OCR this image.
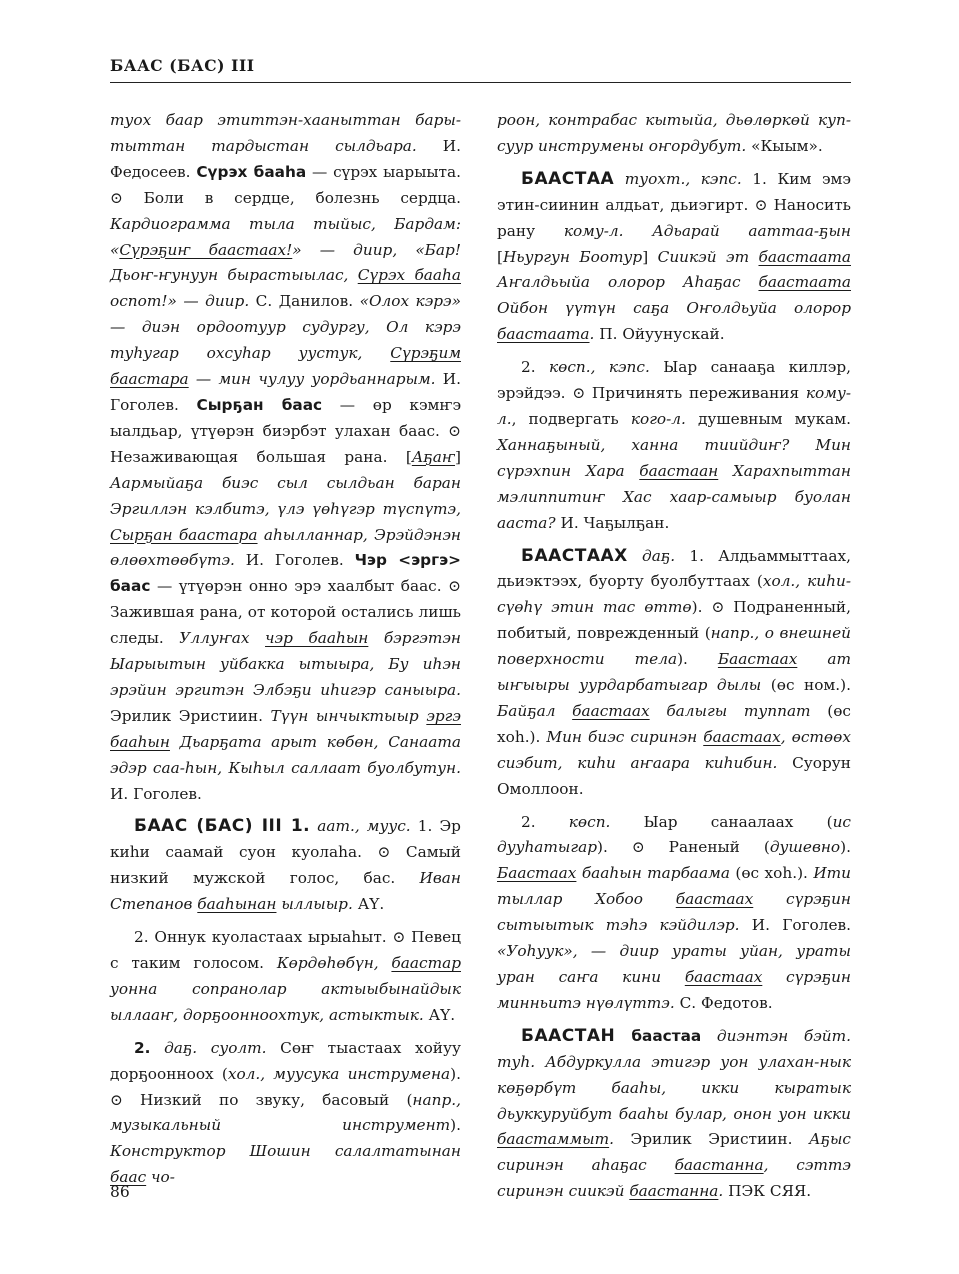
БААС (БАС) III

туох баар этиттэн-хааныттан бары-тыттан тардыстан сылдьара. И. Федосеев. Сүрэх бааһа — сүрэх ыарыыта. ⊙ Боли в сердце, болезнь сердца. Кардиограмма тыла тыйыс, Бардам: «Сүрэҕиҥ баастаах!» — диир, «Бар! Дьоҥ-ҥунуун быраcтыылас, Сүрэх бааһа оспот!» — диир. С. Данилов. «Олох кэрэ» — диэн ордоотуур судургу, Ол кэрэ туһугар охсуһар ууcтук, Сүрэҕим баастара — мин чулуу уордьаннарым. И. Гоголев. Сырҕан баас — өр кэмҥэ ыалдьар, үтүөрэн биэрбэт улахан баас. ⊙ Незаживающая большая рана. [Аҕаҥ] Аармыйаҕа биэс сыл сылдьан баран Эргиллэн кэлбитэ, үлэ үөһүгэр түспүтэ, Сырҕан баастара аһылланнар, Эрэйдэнэн өлөөхтөөбүтэ. И. Гоголев. Чэр <эргэ> баас — үтүөрэн онно эрэ хаалбыт баас. ⊙ Зажившая рана, от которой остались лишь следы. Уллуҥах чэр бааһын бэргэтэн Ыарыытын уйбакка ытыыра, Бу иһэн эрэйин эргитэн Элбэҕи иһигэр саныыра. Эрилик Эристиин. Түүн ынчыктыыр эргэ бааһын Дьарҕата арыт көбөн, Санаата эдэр саа-һын, Кыһыл саллаат буолбутун. И. Гоголев.

БААС (БАС) III 1. аат., мууc. 1. Эр киһи саамай суон куолаһа. ⊙ Самый низкий мужской голос, бас. Иван Степанов бааһынан ыллыыр. АҮ.

2. Оннук куоластаах ырыаһыт. ⊙ Певец с таким голосом. Көрдөһөбүн, баастар уонна сопранолар актыыбынайдык ыллааҥ, дорҕоонноохтук, астыктык. АҮ.

2. даҕ. суолт. Сөҥ тыастаах хойуу дорҕооннооx (хол., муусука инструмена). ⊙ Низкий по звуку, басовый (напр., музыкальный инструмент). Конструктор Шошин салалтатынан баас чо-

роон, контрабас кытыйа, дьөлөркөй куп-суур инструмены оҥордубут. «Кыым».

БААСТАА туохт., кэпс. 1. Ким эмэ этин-сиинин алдьат, дьиэгирт. ⊙ Наносить рану кому-л. Адьарай ааттаа-ҕын [Ньургун Боотур] Сиикэй эт баастаата Аҥалдьыйа олорор Аһаҕас баастаата Ойбон үүтүн саҕа Оҥолдьуйа олорор баастаата. П. Ойуунускай.

2. көсп., кэпс. Ыар санааҕа киллэр, эрэйдээ. ⊙ Причинять переживания кому-л., подвергать кого-л. душевным мукам. Ханнаҕыный, ханна тиийдиҥ? Мин сүрэхпин Хара баастаан Харахпыттан мэлиппитиҥ Хас хаар-самыыр буолан ааста? И. Чаҕылҕан.

БААСТААХ даҕ. 1. Алдьаммыттаах, дьиэктээх, буорту буолбуттаах (хол., киһи-сүөһү этин тас өттө). ⊙ Подраненный, побитый, поврежденный (напр., о внешней поверхности тела). Баастаах ат ыҥыыры уурдарбатыгар дылы (өс ном.). Байҕал баастаах балыгы туппат (өс хоһ.). Мин биэс сиринэн баастаах, өстөөх сиэбит, киһи аҥаара киһибин. Суорун Омоллоон.

2. көсп. Ыар санаалаах (ис дууһатыгар). ⊙ Раненый (душевно). Баастаах бааһын тарбаама (өс хоһ.). Ити тыллар Хобоо баастаах сүрэҕин сытыытык тэһэ кэйдилэр. И. Гоголев. «Уоһуук», — диир ураты уйан, ураты уран саҥа кини баастаах сүрэҕин минньитэ нүөлүттэ. С. Федотов.

БААСТАН баастаа диэнтэн бэйт. туһ. Абдуркулла этигэр уон улахан-нык көҕөрбүт бааһы, икки кыратык дьуккуруйбут бааһы булар, онон уон икки баастаммыт. Эрилик Эристиин. Аҕыс сиринэн аһаҕас баастанна, сэттэ сиринэн сиикэй баастанна. ПЭК СЯЯ.

86
